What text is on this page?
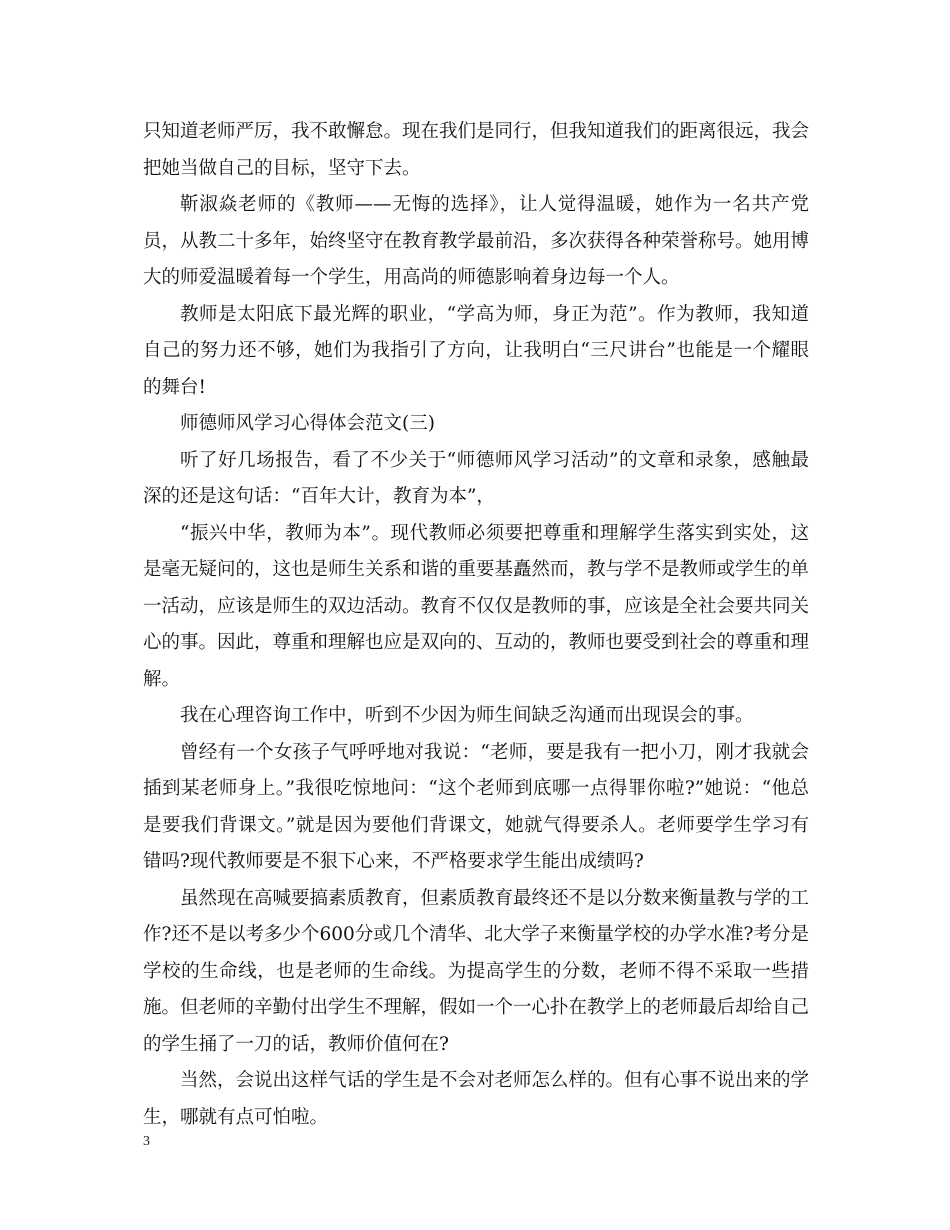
只知道老师严厉，我不敢懈怠。现在我们是同行，但我知道我们的距离很远，我会把她当做自己的目标，坚守下去。

靳淑焱老师的《教师——无悔的选择》，让人觉得温暖，她作为一名共产党员，从教二十多年，始终坚守在教育教学最前沿，多次获得各种荣誉称号。她用博大的师爱温暖着每一个学生，用高尚的师德影响着身边每一个人。

教师是太阳底下最光辉的职业，“学高为师，身正为范”。作为教师，我知道自己的努力还不够，她们为我指引了方向，让我明白“三尺讲台”也能是一个耀眼的舞台!

师德师风学习心得体会范文(三)

听了好几场报告，看了不少关于“师德师风学习活动”的文章和录象，感触最深的还是这句话：“百年大计，教育为本”，

“振兴中华，教师为本”。现代教师必须要把尊重和理解学生落实到实处，这是毫无疑问的，这也是师生关系和谐的重要基矗然而，教与学不是教师或学生的单一活动，应该是师生的双边活动。教育不仅仅是教师的事，应该是全社会要共同关心的事。因此，尊重和理解也应是双向的、互动的，教师也要受到社会的尊重和理解。

我在心理咨询工作中，听到不少因为师生间缺乏沟通而出现误会的事。

曾经有一个女孩子气呼呼地对我说：“老师，要是我有一把小刀，刚才我就会插到某老师身上。”我很吃惊地问：“这个老师到底哪一点得罪你啦?”她说：“他总是要我们背课文。”就是因为要他们背课文，她就气得要杀人。老师要学生学习有错吗?现代教师要是不狠下心来，不严格要求学生能出成绩吗?

虽然现在高喊要搞素质教育，但素质教育最终还不是以分数来衡量教与学的工作?还不是以考多少个600分或几个清华、北大学子来衡量学校的办学水准?考分是学校的生命线，也是老师的生命线。为提高学生的分数，老师不得不采取一些措施。但老师的辛勤付出学生不理解，假如一个一心扑在教学上的老师最后却给自己的学生捅了一刀的话，教师价值何在?

当然，会说出这样气话的学生是不会对老师怎么样的。但有心事不说出来的学生，哪就有点可怕啦。

3
